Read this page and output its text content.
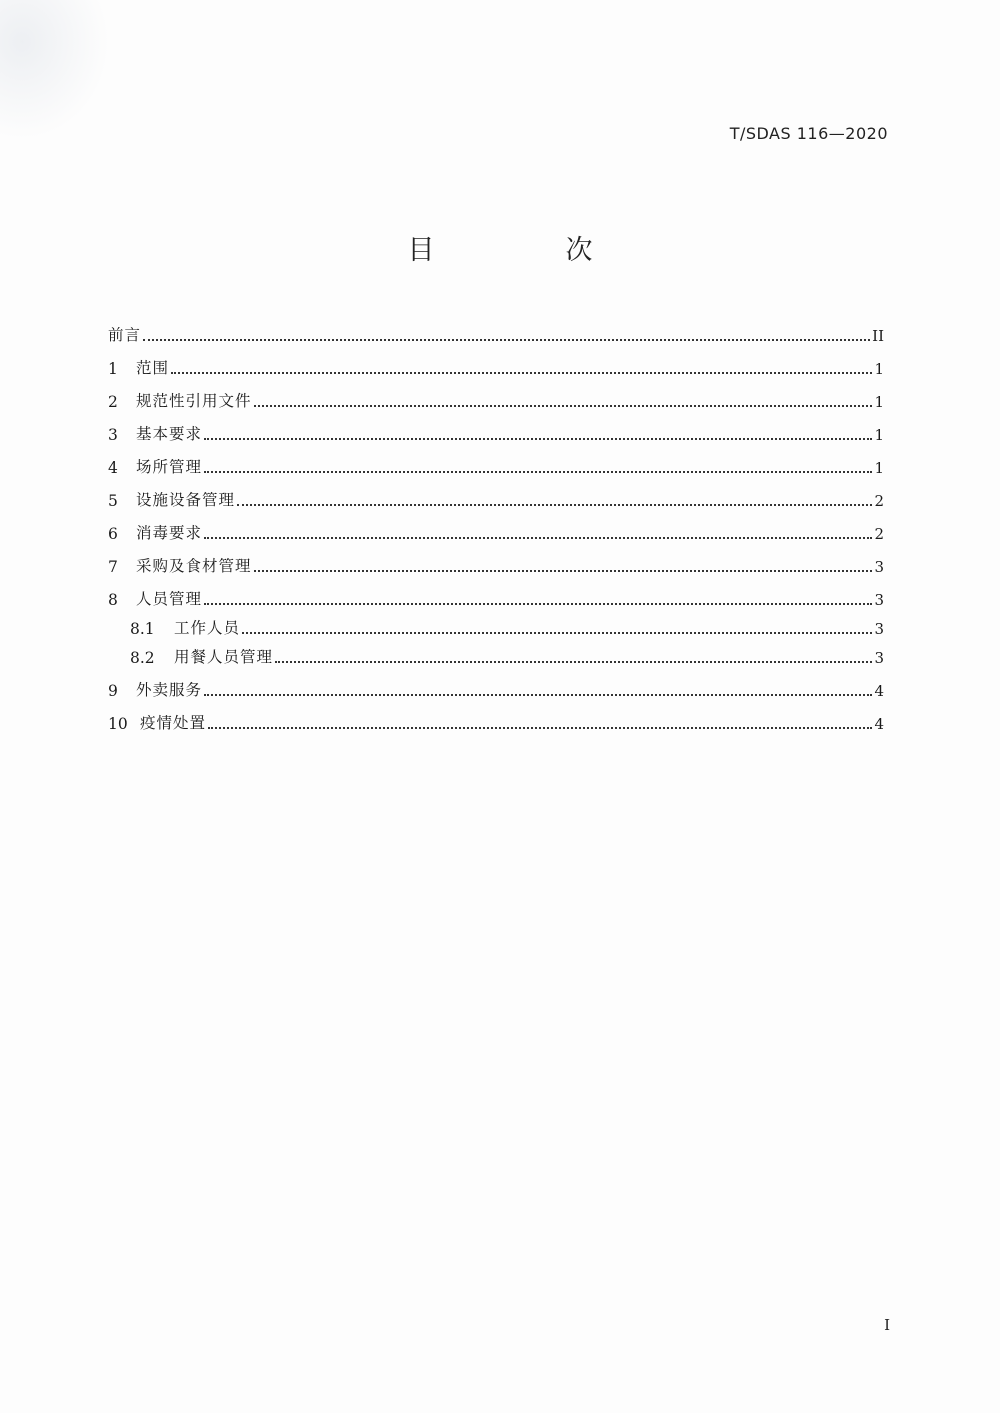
T/SDAS 116—2020
目　次
前言	II
1	范围	1
2	规范性引用文件	1
3	基本要求	1
4	场所管理	1
5	设施设备管理	2
6	消毒要求	2
7	采购及食材管理	3
8	人员管理	3
8.1	工作人员	3
8.2	用餐人员管理	3
9	外卖服务	4
10 疫情处置	4
I
